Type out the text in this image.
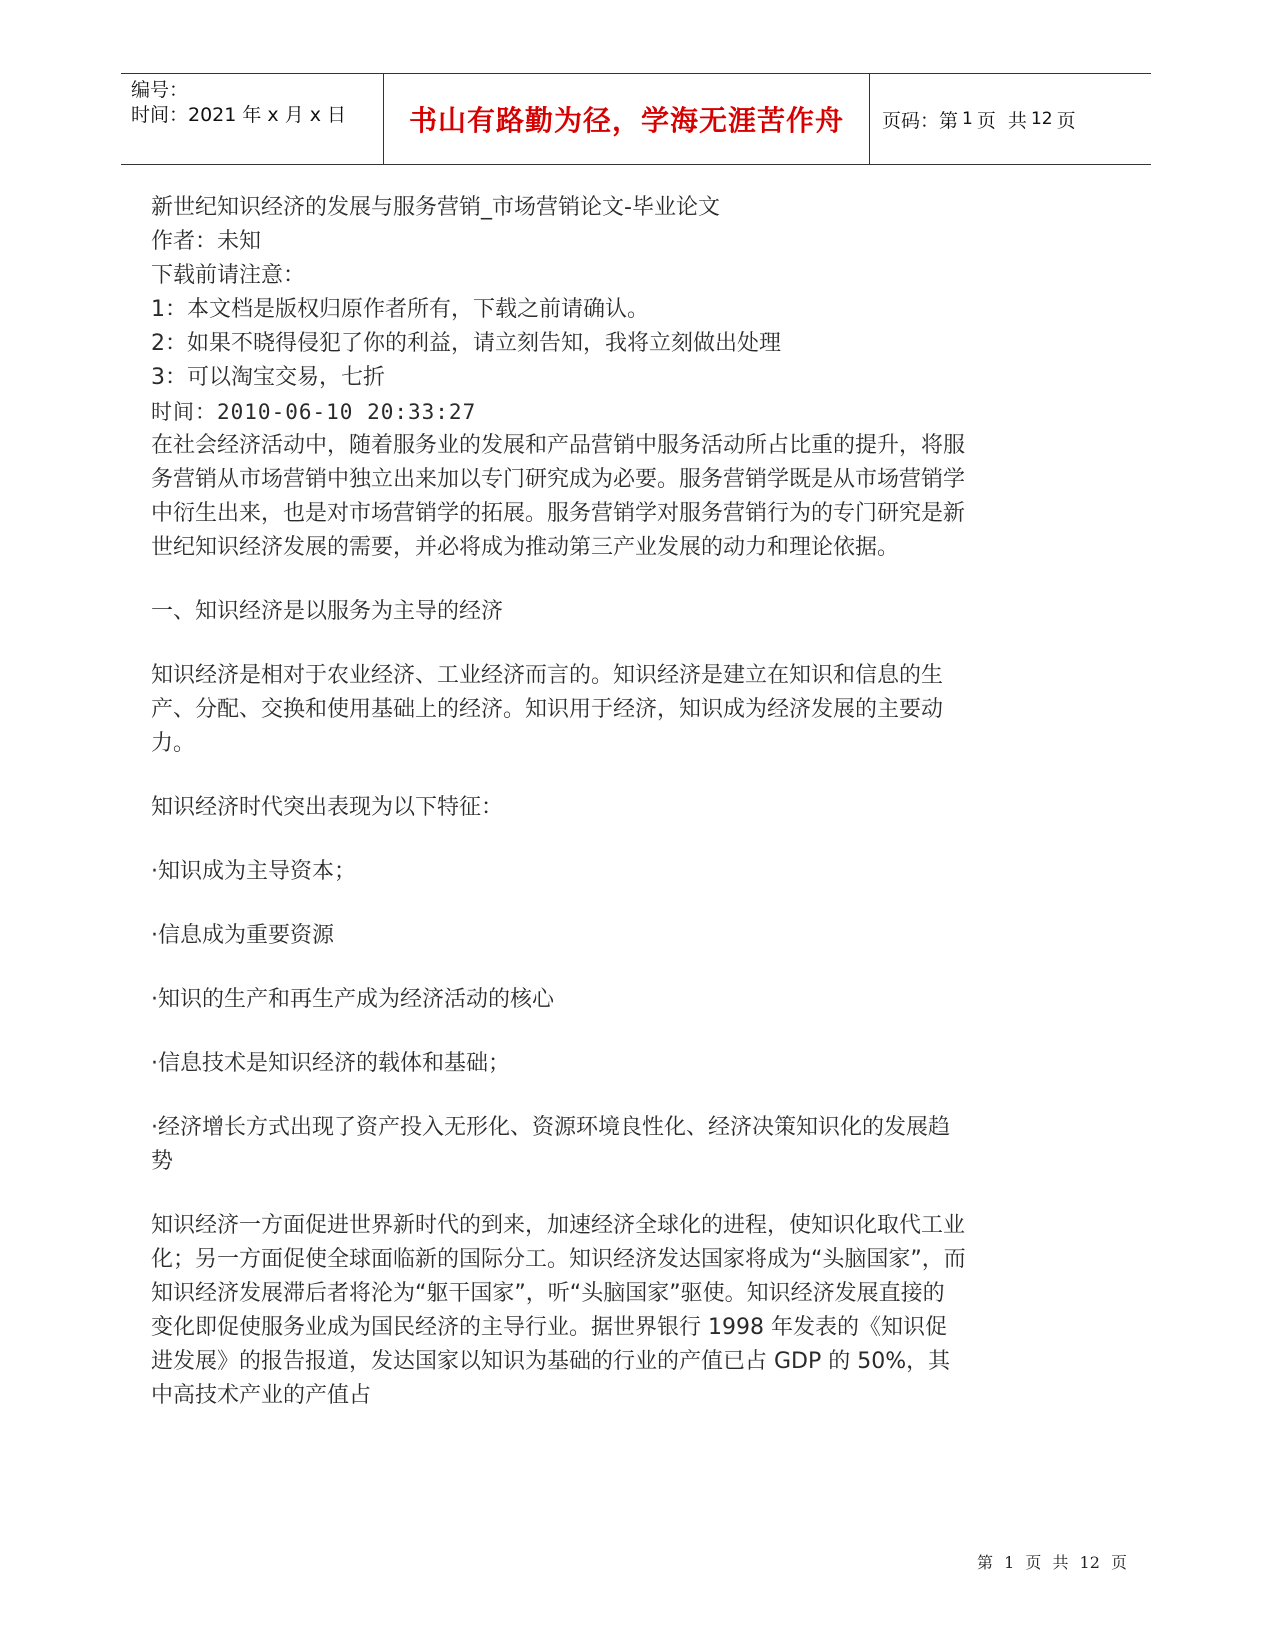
编号：
时间：2021 年 x 月 x 日	书山有路勤为径，学海无涯苦作舟	页码：第 1 页  共 12 页

新世纪知识经济的发展与服务营销_市场营销论文-毕业论文

作者：未知

下载前请注意：

1：本文档是版权归原作者所有，下载之前请确认。

2：如果不晓得侵犯了你的利益，请立刻告知，我将立刻做出处理

3：可以淘宝交易，七折

时间：2010-06-10 20:33:27

在社会经济活动中，随着服务业的发展和产品营销中服务活动所占比重的提升，将服务营销从市场营销中独立出来加以专门研究成为必要。服务营销学既是从市场营销学中衍生出来，也是对市场营销学的拓展。服务营销学对服务营销行为的专门研究是新世纪知识经济发展的需要，并必将成为推动第三产业发展的动力和理论依据。

一、知识经济是以服务为主导的经济

知识经济是相对于农业经济、工业经济而言的。知识经济是建立在知识和信息的生产、分配、交换和使用基础上的经济。知识用于经济，知识成为经济发展的主要动力。

知识经济时代突出表现为以下特征：

·知识成为主导资本；

·信息成为重要资源

·知识的生产和再生产成为经济活动的核心

·信息技术是知识经济的载体和基础；

·经济增长方式出现了资产投入无形化、资源环境良性化、经济决策知识化的发展趋势

知识经济一方面促进世界新时代的到来，加速经济全球化的进程，使知识化取代工业化；另一方面促使全球面临新的国际分工。知识经济发达国家将成为“头脑国家”，而知识经济发展滞后者将沦为“躯干国家”，听“头脑国家”驱使。知识经济发展直接的变化即促使服务业成为国民经济的主导行业。据世界银行 1998 年发表的《知识促进发展》的报告报道，发达国家以知识为基础的行业的产值已占 GDP 的 50%，其中高技术产业的产值占

第 1 页 共 12 页
